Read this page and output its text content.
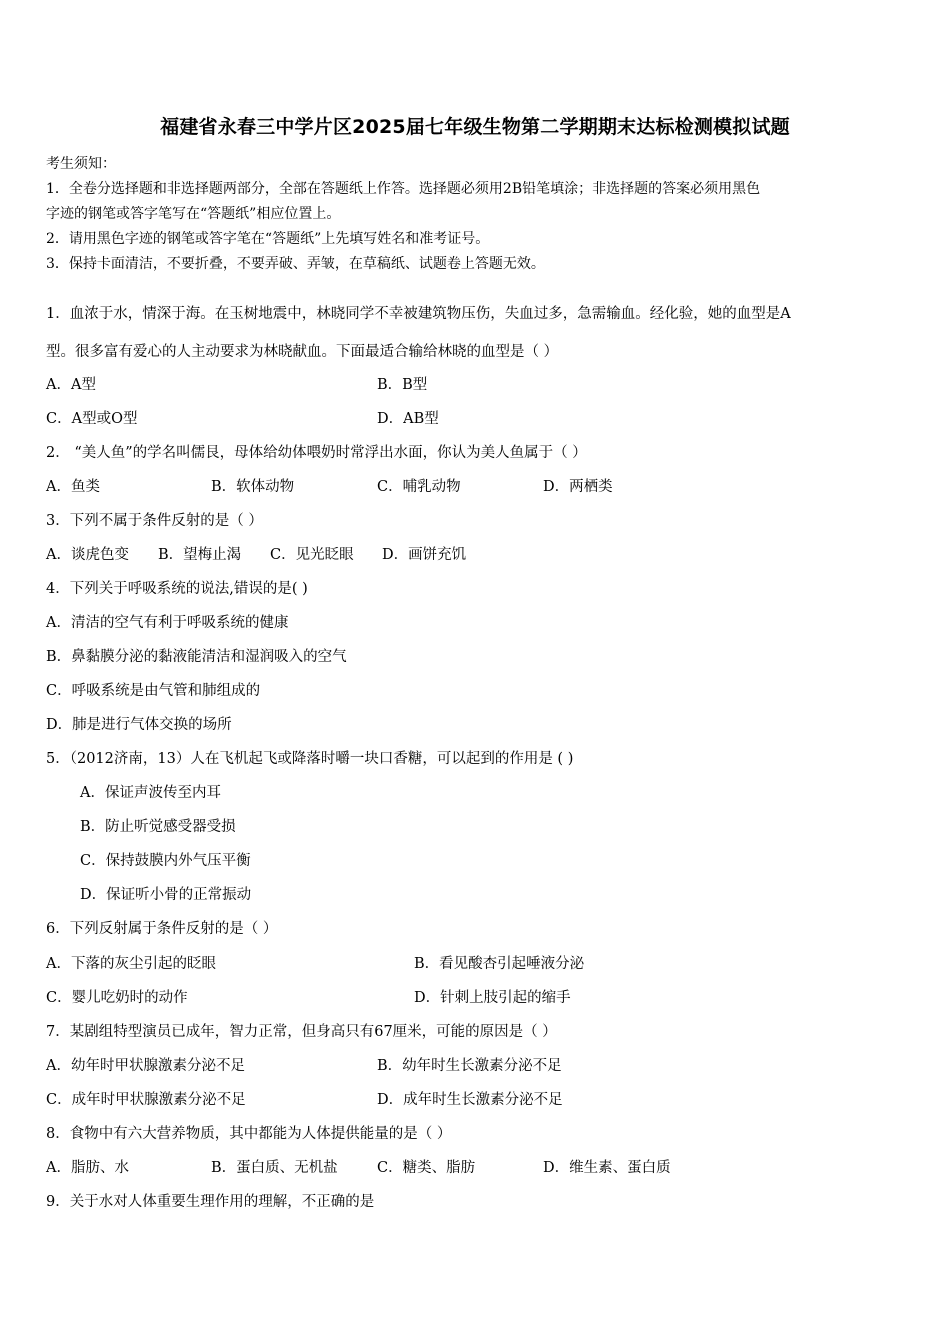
福建省永春三中学片区2025届七年级生物第二学期期末达标检测模拟试题
考生须知：
1．全卷分选择题和非选择题两部分，全部在答题纸上作答。选择题必须用2B铅笔填涂；非选择题的答案必须用黑色
字迹的钢笔或答字笔写在“答题纸”相应位置上。
2．请用黑色字迹的钢笔或答字笔在“答题纸”上先填写姓名和准考证号。
3．保持卡面清洁，不要折叠，不要弄破、弄皱，在草稿纸、试题卷上答题无效。
1．血浓于水，情深于海。在玉树地震中，林晓同学不幸被建筑物压伤，失血过多，急需输血。经化验，她的血型是A
型。很多富有爱心的人主动要求为林晓献血。下面最适合输给林晓的血型是（ ）
A．A型	B．B型
C．A型或O型	D．AB型
2． “美人鱼”的学名叫儒艮，母体给幼体喂奶时常浮出水面，你认为美人鱼属于（ ）
A．鱼类	B．软体动物	C．哺乳动物	D．两栖类
3．下列不属于条件反射的是（ ）
A．谈虎色变 B．望梅止渴 C．见光眨眼 D．画饼充饥
4．下列关于呼吸系统的说法,错误的是( )
A．清洁的空气有利于呼吸系统的健康
B．鼻黏膜分泌的黏液能清洁和湿润吸入的空气
C．呼吸系统是由气管和肺组成的
D．肺是进行气体交换的场所
5．（2012济南，13）人在飞机起飞或降落时嚼一块口香糖，可以起到的作用是 ( )
A．保证声波传至内耳
B．防止听觉感受器受损
C．保持鼓膜内外气压平衡
D．保证听小骨的正常振动
6．下列反射属于条件反射的是（ ）
A．下落的灰尘引起的眨眼	B．看见酸杏引起唾液分泌
C．婴儿吃奶时的动作	D．针刺上肢引起的缩手
7．某剧组特型演员已成年，智力正常，但身高只有67厘米，可能的原因是（ ）
A．幼年时甲状腺激素分泌不足	B．幼年时生长激素分泌不足
C．成年时甲状腺激素分泌不足	D．成年时生长激素分泌不足
8．食物中有六大营养物质，其中都能为人体提供能量的是（ ）
A．脂肪、水	B．蛋白质、无机盐	C．糖类、脂肪	D．维生素、蛋白质
9．关于水对人体重要生理作用的理解，不正确的是
